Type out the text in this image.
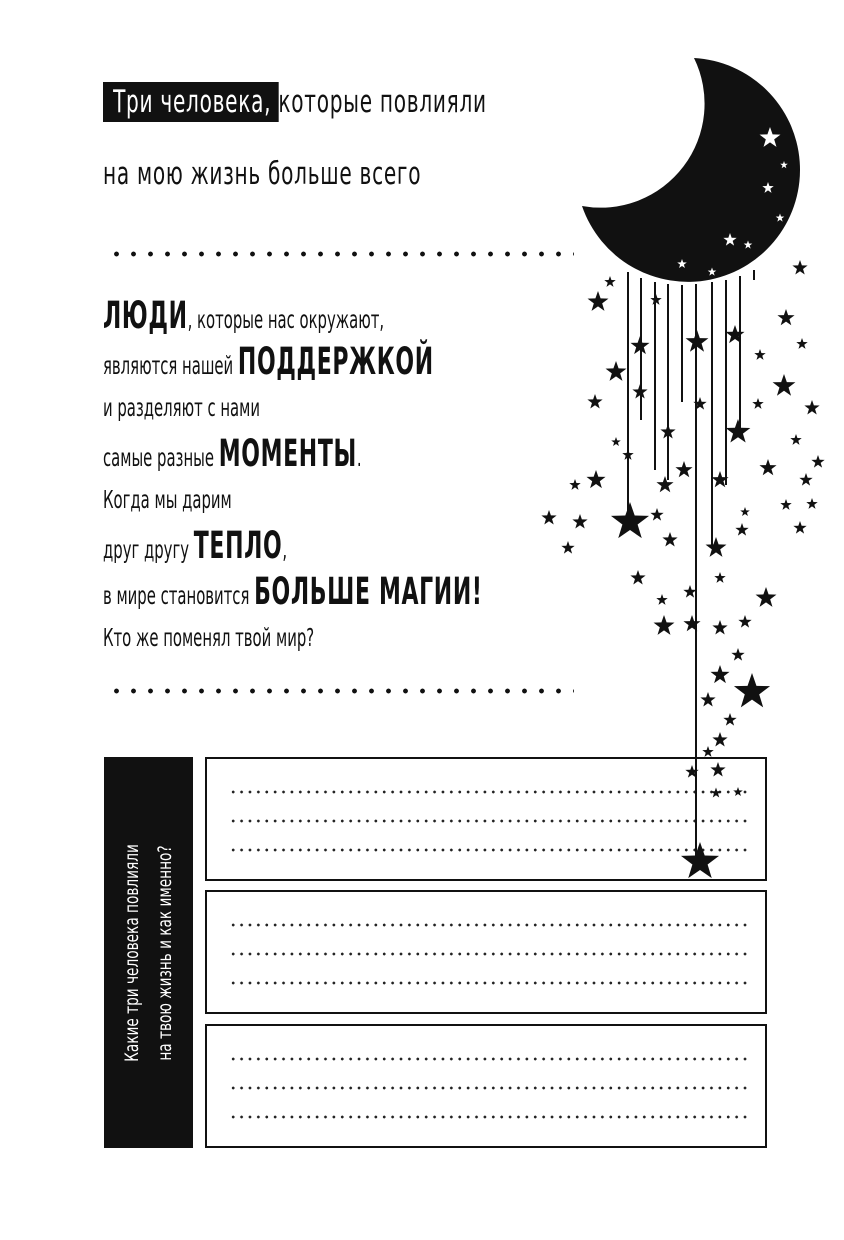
Три человека, которые повлияли
на мою жизнь больше всего
ЛЮДИ, которые нас окружают,
являются нашей ПОДДЕРЖКОЙ
и разделяют с нами
самые разные МОМЕНТЫ.
Когда мы дарим
друг другу ТЕПЛО,
в мире становится БОЛЬШЕ МАГИИ!
Кто же поменял твой мир?
Какие три человека повлияли на твою жизнь и как именно?
